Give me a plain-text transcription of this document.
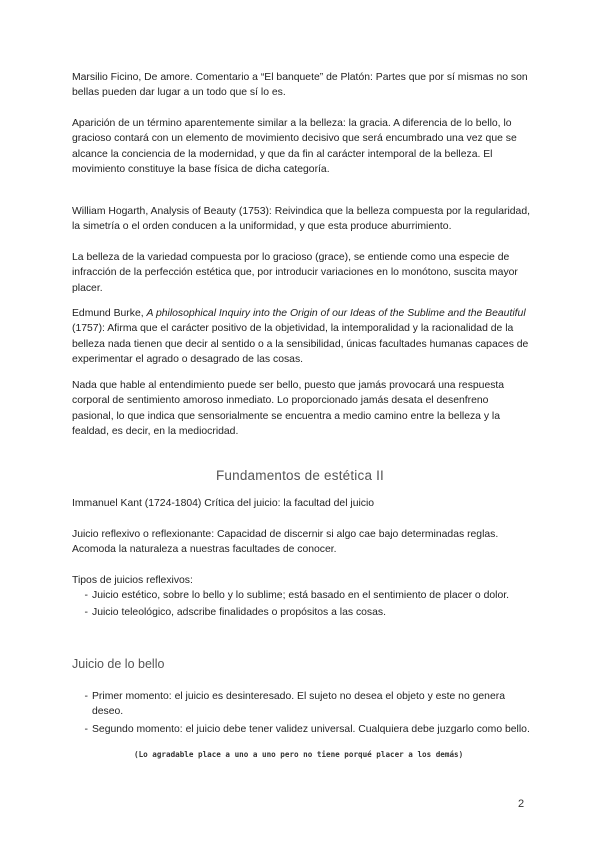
Marsilio Ficino, De amore. Comentario a “El banquete” de Platón: Partes que por sí mismas no son bellas pueden dar lugar a un todo que sí lo es.

Aparición de un término aparentemente similar a la belleza: la gracia. A diferencia de lo bello, lo gracioso contará con un elemento de movimiento decisivo que será encumbrado una vez que se alcance la conciencia de la modernidad, y que da fin al carácter intemporal de la belleza. El movimiento constituye la base física de dicha categoría.

William Hogarth, Analysis of Beauty (1753): Reivindica que la belleza compuesta por la regularidad, la simetría o el orden conducen a la uniformidad, y que esta produce aburrimiento.

La belleza de la variedad compuesta por lo gracioso (grace), se entiende como una especie de infracción de la perfección estética que, por introducir variaciones en lo monótono, suscita mayor placer.

Edmund Burke, A philosophical Inquiry into the Origin of our Ideas of the Sublime and the Beautiful (1757): Afirma que el carácter positivo de la objetividad, la intemporalidad y la racionalidad de la belleza nada tienen que decir al sentido o a la sensibilidad, únicas facultades humanas capaces de experimentar el agrado o desagrado de las cosas.

Nada que hable al entendimiento puede ser bello, puesto que jamás provocará una respuesta corporal de sentimiento amoroso inmediato. Lo proporcionado jamás desata el desenfreno pasional, lo que indica que sensorialmente se encuentra a medio camino entre la belleza y la fealdad, es decir, en la mediocridad.

Fundamentos de estética II

Immanuel Kant (1724-1804) Crítica del juicio: la facultad del juicio

Juicio reflexivo o reflexionante: Capacidad de discernir si algo cae bajo determinadas reglas. Acomoda la naturaleza a nuestras facultades de conocer.

Tipos de juicios reflexivos:

- Juicio estético, sobre lo bello y lo sublime; está basado en el sentimiento de placer o dolor.
- Juicio teleológico, adscribe finalidades o propósitos a las cosas.
Juicio de lo bello
- Primer momento: el juicio es desinteresado. El sujeto no desea el objeto y este no genera deseo.
- Segundo momento: el juicio debe tener validez universal. Cualquiera debe juzgarlo como bello.
(Lo agradable place a uno a uno pero no tiene porqué placer a los demás)
2
